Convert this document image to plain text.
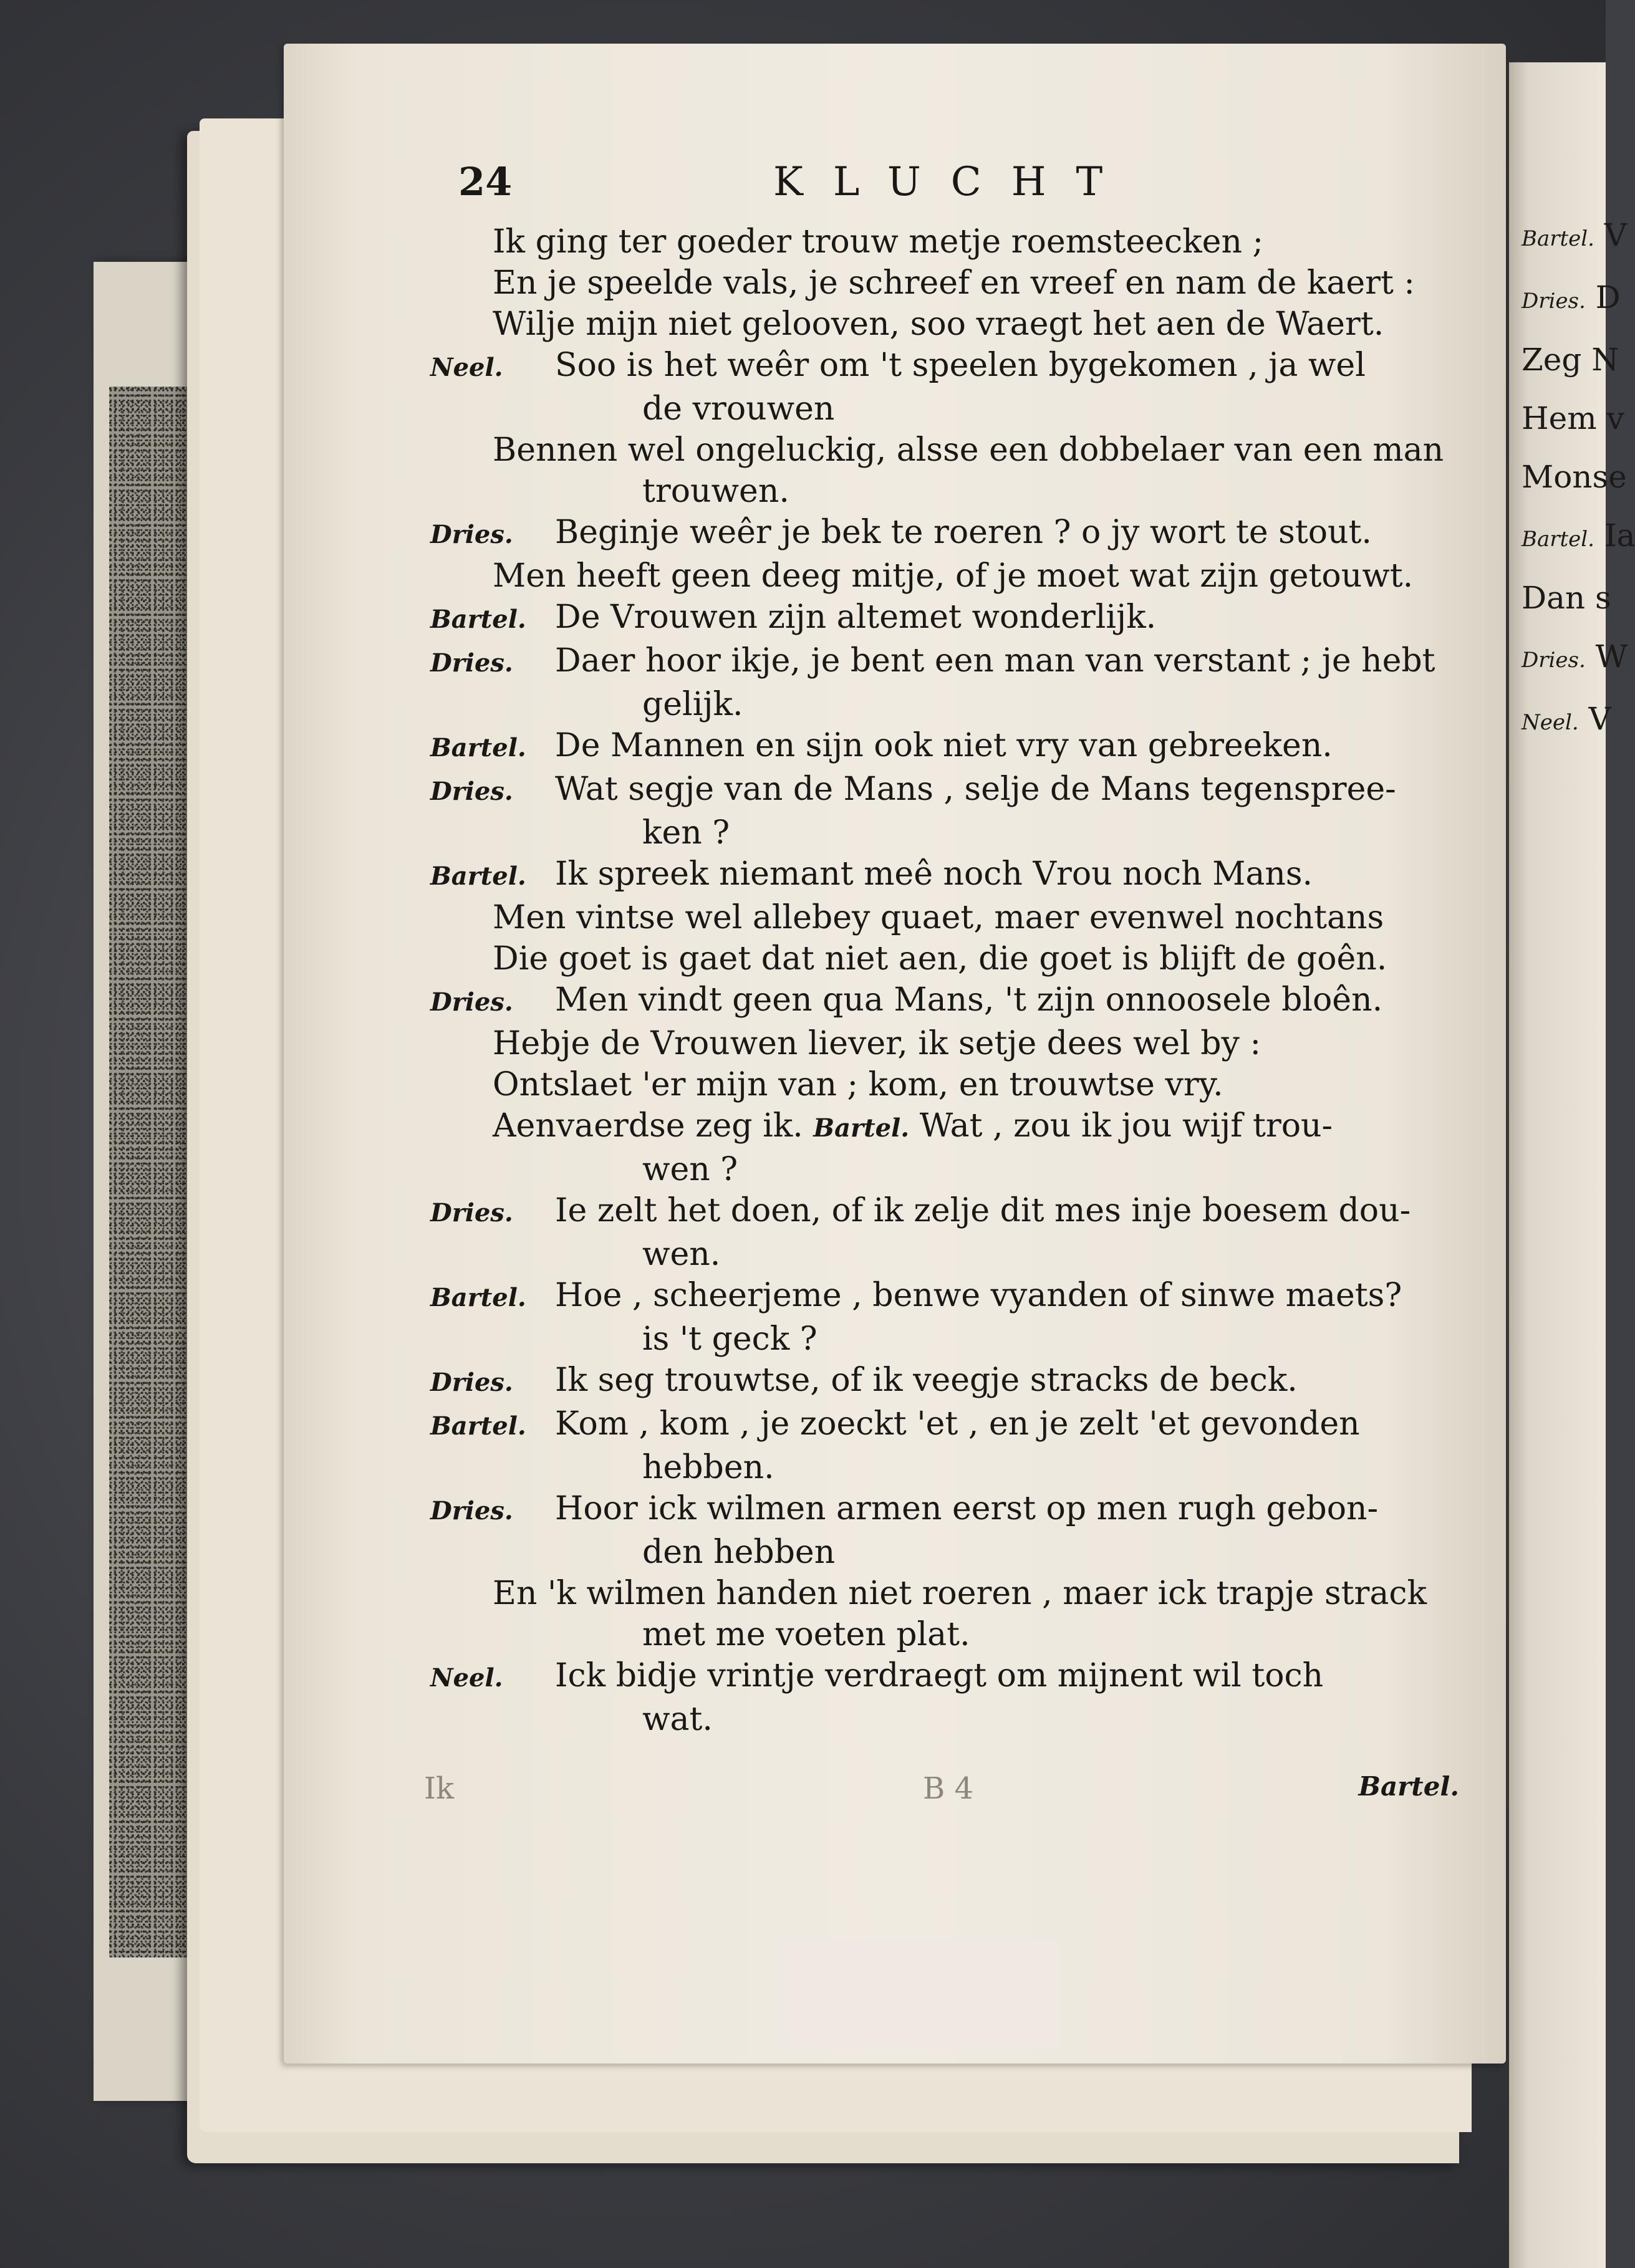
Bartel. V
Dries. D
Zeg N
Hem v
Monse
Bartel. Ia
Dan s
Dries. W
Neel. V
24	KLUCHT
Ik ging ter goeder trouw metje roemsteecken ;
En je speelde vals, je schreef en vreef en nam de kaert :
Wilje mijn niet gelooven, soo vraegt het aen de Waert.
Neel. Soo is het weêr om 't speelen bygekomen , ja wel
de vrouwen
Bennen wel ongeluckig, alsse een dobbelaer van een man
trouwen.
Dries. Beginje weêr je bek te roeren ? o jy wort te stout.
Men heeft geen deeg mitje, of je moet wat zijn getouwt.
Bartel. De Vrouwen zijn altemet wonderlijk.
Dries. Daer hoor ikje, je bent een man van verstant ; je hebt
gelijk.
Bartel. De Mannen en sijn ook niet vry van gebreeken.
Dries. Wat segje van de Mans , selje de Mans tegenspree-
ken ?
Bartel. Ik spreek niemant meê noch Vrou noch Mans.
Men vintse wel allebey quaet, maer evenwel nochtans
Die goet is gaet dat niet aen, die goet is blijft de goên.
Dries. Men vindt geen qua Mans, 't zijn onnoosele bloên.
Hebje de Vrouwen liever, ik setje dees wel by :
Ontslaet 'er mijn van ; kom, en trouwtse vry.
Aenvaerdse zeg ik. Bartel. Wat , zou ik jou wijf trou-
wen ?
Dries. Ie zelt het doen, of ik zelje dit mes inje boesem dou-
wen.
Bartel. Hoe , scheerjeme , benwe vyanden of sinwe maets?
is 't geck ?
Dries. Ik seg trouwtse, of ik veegje stracks de beck.
Bartel. Kom , kom , je zoeckt 'et , en je zelt 'et gevonden
hebben.
Dries. Hoor ick wilmen armen eerst op men rugh gebon-
den hebben
En 'k wilmen handen niet roeren , maer ick trapje strack
met me voeten plat.
Neel. Ick bidje vrintje verdraegt om mijnent wil toch
wat.
Ik	B 4	Bartel.
